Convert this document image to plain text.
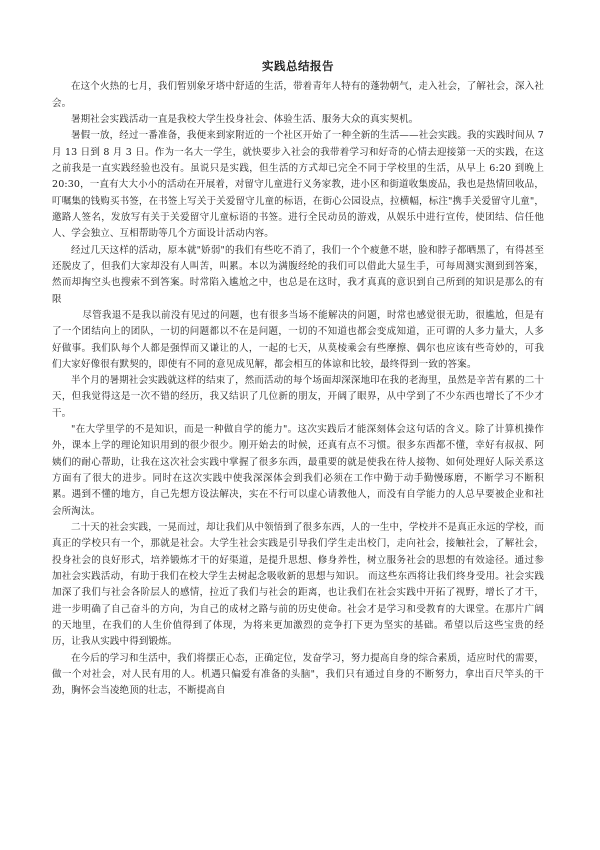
实践总结报告

在这个火热的七月，我们暂别象牙塔中舒适的生活，带着青年人特有的蓬勃朝气，走入社会，了解社会，深入社会。

暑期社会实践活动一直是我校大学生投身社会、体验生活、服务大众的真实契机。

暑假一放，经过一番准备，我便来到家附近的一个社区开始了一种全新的生活——社会实践。我的实践时间从 7 月 13 日到 8 月 3 日。作为一名大一学生，就快要步入社会的我带着学习和好奇的心情去迎接第一天的实践，在这之前我是一直实践经验也没有。虽说只是实践，但生活的方式却已完全不同于学校里的生活，从早上 6:20 到晚上 20:30，一直有大大小小的活动在开展着，对留守儿童进行义务家教，进小区和街道收集废品，我也是热情回收品，叮嘱集的钱购买书签，在书签上写关于关爱留守儿童的标语，在街心公园设点，拉横幅，标注"携手关爱留守儿童"，邀路人签名，发放写有关于关爱留守儿童标语的书签。进行全民动员的游戏，从娱乐中进行宣传，使团结、信任他人、学会独立、互相帮助等几个方面设计活动内容。

经过几天这样的活动，原本就"娇弱"的我们有些吃不消了，我们一个个疲惫不堪，脸和脖子都晒黑了，有得甚至还脱皮了，但我们大家却没有人叫苦，叫累。本以为满腹经纶的我们可以借此大显生手，可每周测实测到到答案，然而却掏空头也搜索不到答案。时常陷入尴尬之中，也总是在这时，我才真真的意识到自己所到的知识是那么的有限

尽管我退不是我以前没有见过的问题，也有很多当场不能解决的问题，时常也感觉很无助，很尴尬，但是有了一个团结向上的团队，一切的问题都以不在是问题，一切的不知道也都会变成知道，正可谓的人多力量大，人多好做事。我们队每个人都是强悍而又谦让的人，一起的七天，从莫棱乘会有些摩擦、偶尔也应该有些奇妙的，可我们大家好像很有默契的，即使有不同的意见成见解，都会相互的体谅和比较，最终得到一致的答案。

半个月的暑期社会实践就这样的结束了，然而活动的每个场面却深深地印在我的老海里，虽然是辛苦有累的二十天，但我觉得这是一次不错的经历，我又结识了几位新的朋友，开阔了眼界，从中学到了不少东西也增长了不少才干。

"在大学里学的不是知识，而是一种做自学的能力"。这次实践后才能深刻体会这句话的含义。除了计算机操作外，课本上学的理论知识用到的很少很少。刚开始去的时候，还真有点不习惯。很多东西都不懂，幸好有叔叔、阿姨们的耐心帮助，让我在这次社会实践中掌握了很多东西，最重要的就是使我在待人接物、如何处理好人际关系这方面有了很大的进步。同时在这次实践中使我深深体会到我们必须在工作中勤于动手勤慢琢磨，不断学习不断积累。遇到不懂的地方，自己先想方设法解决，实在不行可以虚心请教他人，而没有自学能力的人总早要被企业和社会所淘汰。

二十天的社会实践，一晃而过，却让我们从中领悟到了很多东西，人的一生中，学校并不是真正永远的学校，而真正的学校只有一个，那就是社会。大学生社会实践是引导我们学生走出校门，走向社会，接触社会，了解社会，投身社会的良好形式，培养锻炼才干的好渠道，是提升思想、修身养性，树立服务社会的思想的有效途径。通过参加社会实践活动，有助于我们在校大学生去树起念吸收新的思想与知识。 而这些东西将让我们终身受用。社会实践加深了我们与社会各阶层人的感情，拉近了我们与社会的距离，也让我们在社会实践中开拓了视野，增长了才干，进一步明确了自己奋斗的方向，为自己的成材之路与前的历史使命。社会才是学习和受教育的大课堂。在那片广阔的天地里，在我们的人生价值得到了体现，为将来更加激烈的竞争打下更为坚实的基础。希望以后这些宝贵的经历，让我从实践中得到锻炼。

在今后的学习和生活中，我们将摆正心态，正确定位，发奋学习，努力提高自身的综合素质，适应时代的需要，做一个对社会，对人民有用的人。机遇只偏爱有准备的头脑"，我们只有通过自身的不断努力，拿出百尺竿头的干劲，胸怀会当凌绝顶的壮志，不断提高自
